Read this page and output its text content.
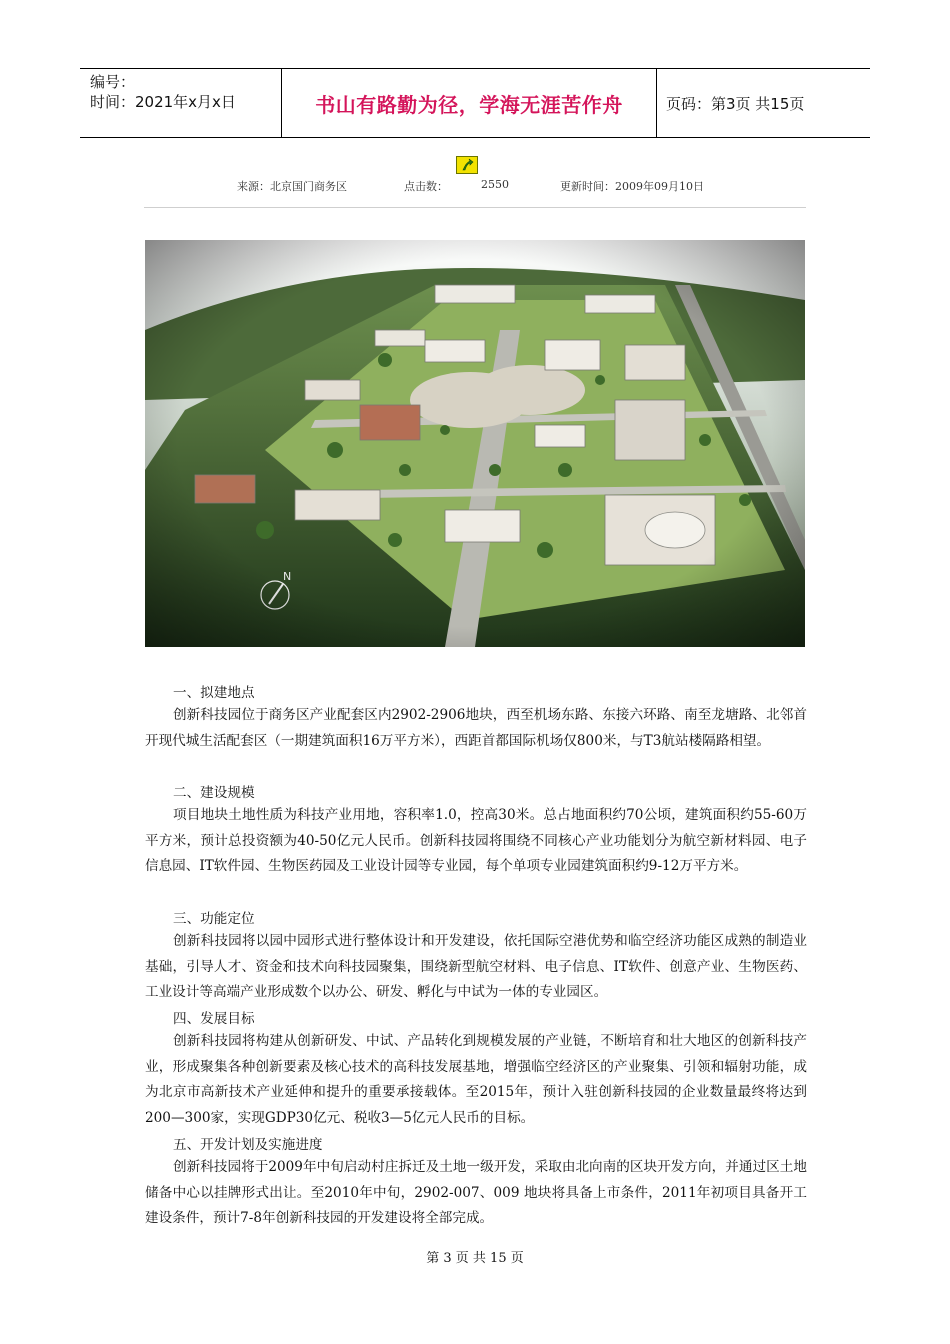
编号：
时间：2021年x月x日	书山有路勤为径，学海无涯苦作舟	页码：第3页 共15页
来源：北京国门商务区	点击数：	2550	更新时间：2009年09月10日

一、拟建地点

创新科技园位于商务区产业配套区内2902-2906地块，西至机场东路、东接六环路、南至龙塘路、北邻首开现代城生活配套区（一期建筑面积16万平方米），西距首都国际机场仅800米，与T3航站楼隔路相望。

二、建设规模

项目地块土地性质为科技产业用地，容积率1.0，控高30米。总占地面积约70公顷，建筑面积约55-60万平方米，预计总投资额为40-50亿元人民币。创新科技园将围绕不同核心产业功能划分为航空新材料园、电子信息园、IT软件园、生物医药园及工业设计园等专业园，每个单项专业园建筑面积约9-12万平方米。

三、功能定位

创新科技园将以园中园形式进行整体设计和开发建设，依托国际空港优势和临空经济功能区成熟的制造业基础，引导人才、资金和技术向科技园聚集，围绕新型航空材料、电子信息、IT软件、创意产业、生物医药、工业设计等高端产业形成数个以办公、研发、孵化与中试为一体的专业园区。

四、发展目标

创新科技园将构建从创新研发、中试、产品转化到规模发展的产业链，不断培育和壮大地区的创新科技产业，形成聚集各种创新要素及核心技术的高科技发展基地，增强临空经济区的产业聚集、引领和辐射功能，成为北京市高新技术产业延伸和提升的重要承接载体。至2015年，预计入驻创新科技园的企业数量最终将达到200—300家，实现GDP30亿元、税收3—5亿元人民币的目标。

五、开发计划及实施进度

创新科技园将于2009年中旬启动村庄拆迁及土地一级开发，采取由北向南的区块开发方向，并通过区土地储备中心以挂牌形式出让。至2010年中旬，2902-007、009 地块将具备上市条件，2011年初项目具备开工建设条件，预计7-8年创新科技园的开发建设将全部完成。

第 3 页 共 15 页
